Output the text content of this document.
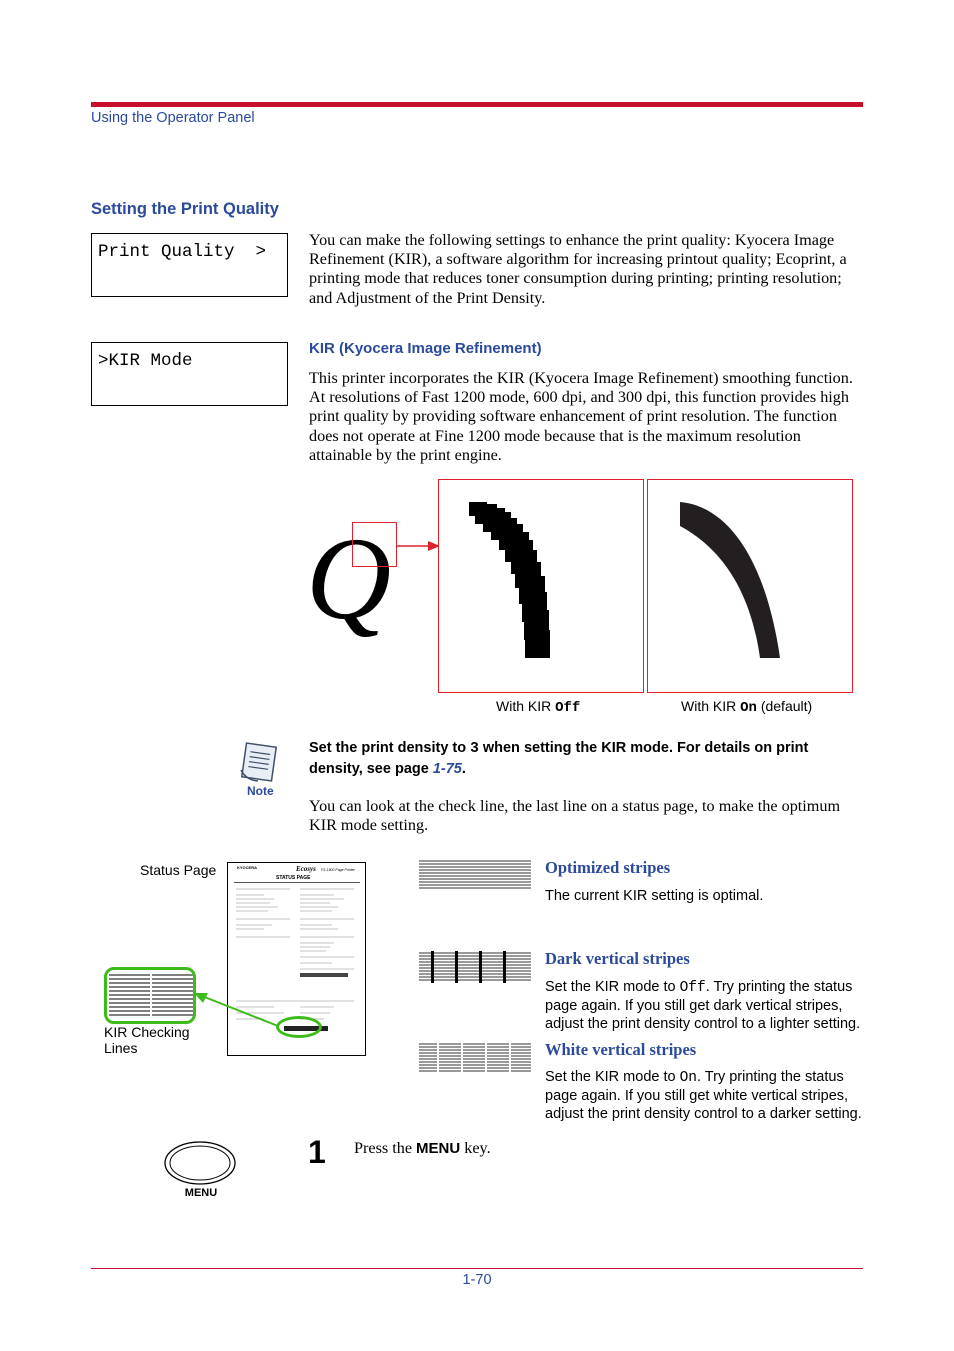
Using the Operator Panel
Setting the Print Quality
Print Quality  >
You can make the following settings to enhance the print quality: Kyocera Image Refinement (KIR), a software algorithm for increasing printout quality; Ecoprint, a printing mode that reduces toner consumption during printing; printing resolution; and Adjustment of the Print Density.
>KIR Mode
KIR (Kyocera Image Refinement)
This printer incorporates the KIR (Kyocera Image Refinement) smoothing function. At resolutions of Fast 1200 mode, 600 dpi, and 300 dpi, this function provides high print quality by providing software enhancement of print resolution. The function does not operate at Fine 1200 mode because that is the maximum resolution attainable by the print engine.
Q
With KIR Off	With KIR On (default)
Note
Set the print density to 3 when setting the KIR mode. For details on print density, see page 1-75.
You can look at the check line, the last line on a status page, to make the optimum KIR mode setting.
Status Page	KYOCERA	Ecosys FS-1800 Page Printer
STATUS PAGE
KIR Checking
Lines
Optimized stripes
The current KIR setting is optimal.
Dark vertical stripes
Set the KIR mode to Off. Try printing the status page again. If you still get dark vertical stripes, adjust the print density control to a lighter setting.
White vertical stripes
Set the KIR mode to On. Try printing the status page again. If you still get white vertical stripes, adjust the print density control to a darker setting.
MENU
1 Press the MENU key.
1-70
